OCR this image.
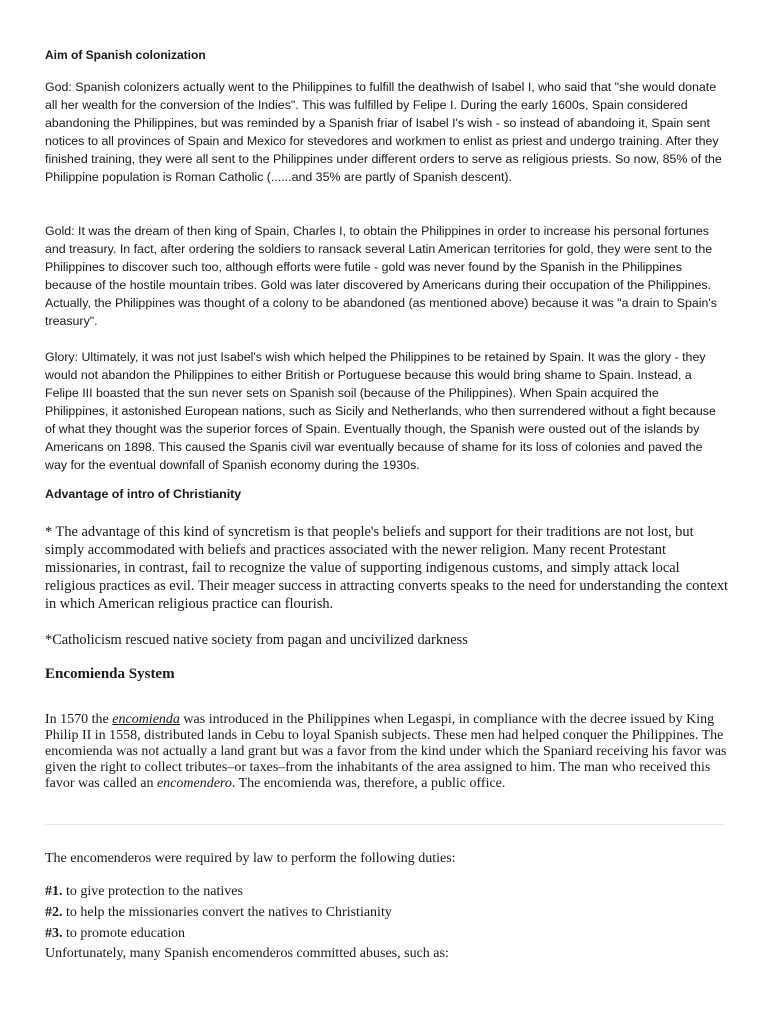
Aim of Spanish colonization

God: Spanish colonizers actually went to the Philippines to fulfill the deathwish of Isabel I, who said that "she would donate all her wealth for the conversion of the Indies". This was fulfilled by Felipe I. During the early 1600s, Spain considered abandoning the Philippines, but was reminded by a Spanish friar of Isabel I's wish - so instead of abandoing it, Spain sent notices to all provinces of Spain and Mexico for stevedores and workmen to enlist as priest and undergo training. After they finished training, they were all sent to the Philippines under different orders to serve as religious priests. So now, 85% of the Philippine population is Roman Catholic (......and 35% are partly of Spanish descent).

Gold: It was the dream of then king of Spain, Charles I, to obtain the Philippines in order to increase his personal fortunes and treasury. In fact, after ordering the soldiers to ransack several Latin American territories for gold, they were sent to the Philippines to discover such too, although efforts were futile - gold was never found by the Spanish in the Philippines because of the hostile mountain tribes. Gold was later discovered by Americans during their occupation of the Philippines. Actually, the Philippines was thought of a colony to be abandoned (as mentioned above) because it was "a drain to Spain's treasury".

Glory: Ultimately, it was not just Isabel's wish which helped the Philippines to be retained by Spain. It was the glory - they would not abandon the Philippines to either British or Portuguese because this would bring shame to Spain. Instead, a Felipe III boasted that the sun never sets on Spanish soil (because of the Philippines). When Spain acquired the Philippines, it astonished European nations, such as Sicily and Netherlands, who then surrendered without a fight because of what they thought was the superior forces of Spain. Eventually though, the Spanish were ousted out of the islands by Americans on 1898. This caused the Spanis civil war eventually because of shame for its loss of colonies and paved the way for the eventual downfall of Spanish economy during the 1930s.

Advantage of intro of Christianity

* The advantage of this kind of syncretism is that people's beliefs and support for their traditions are not lost, but simply accommodated with beliefs and practices associated with the newer religion. Many recent Protestant missionaries, in contrast, fail to recognize the value of supporting indigenous customs, and simply attack local religious practices as evil. Their meager success in attracting converts speaks to the need for understanding the context in which American religious practice can flourish.

*Catholicism rescued native society from pagan and uncivilized darkness

Encomienda System

In 1570 the encomienda was introduced in the Philippines when Legaspi, in compliance with the decree issued by King Philip II in 1558, distributed lands in Cebu to loyal Spanish subjects. These men had helped conquer the Philippines. The encomienda was not actually a land grant but was a favor from the kind under which the Spaniard receiving his favor was given the right to collect tributes–or taxes–from the inhabitants of the area assigned to him. The man who received this favor was called an encomendero. The encomienda was, therefore, a public office.

The encomenderos were required by law to perform the following duties:
#1. to give protection to the natives
#2. to help the missionaries convert the natives to Christianity
#3. to promote education
Unfortunately, many Spanish encomenderos committed abuses, such as:
